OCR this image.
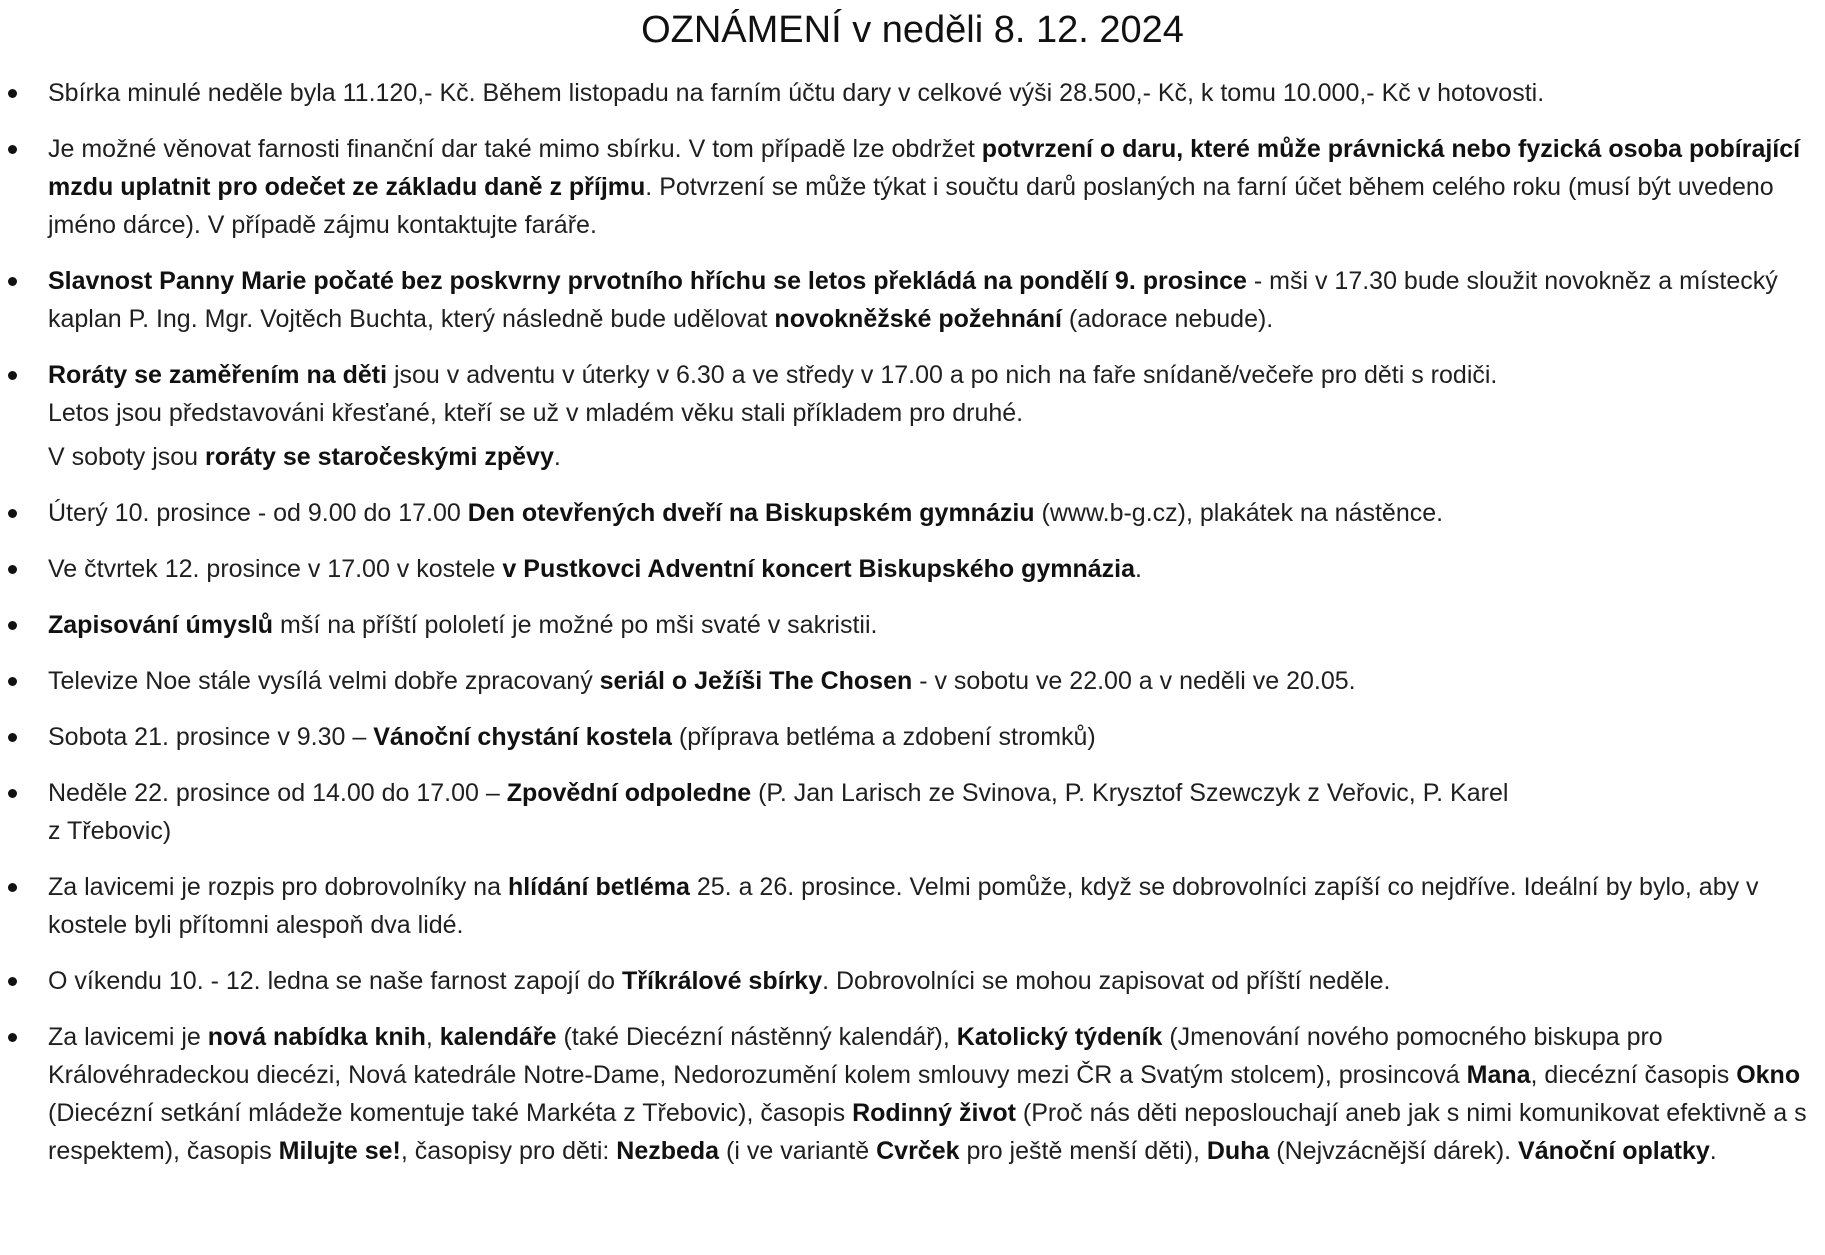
OZNÁMENÍ v neděli 8. 12. 2024
Sbírka minulé neděle byla 11.120,- Kč. Během listopadu na farním účtu dary v celkové výši 28.500,- Kč, k tomu 10.000,- Kč v hotovosti.
Je možné věnovat farnosti finanční dar také mimo sbírku. V tom případě lze obdržet potvrzení o daru, které může právnická nebo fyzická osoba pobírající mzdu uplatnit pro odečet ze základu daně z příjmu. Potvrzení se může týkat i součtu darů poslaných na farní účet během celého roku (musí být uvedeno jméno dárce). V případě zájmu kontaktujte faráře.
Slavnost Panny Marie počaté bez poskvrny prvotního hříchu se letos překládá na pondělí 9. prosince - mši v 17.30 bude sloužit novokněz a místecký kaplan P. Ing. Mgr. Vojtěch Buchta, který následně bude udělovat novokněžské požehnání (adorace nebude).
Roráty se zaměřením na děti jsou v adventu v úterky v 6.30 a ve středy v 17.00 a po nich na faře snídaně/večeře pro děti s rodiči.
Letos jsou představováni křesťané, kteří se už v mladém věku stali příkladem pro druhé.
V soboty jsou roráty se staročeskými zpěvy.
Úterý 10. prosince - od 9.00 do 17.00 Den otevřených dveří na Biskupském gymnáziu (www.b-g.cz), plakátek na nástěnce.
Ve čtvrtek 12. prosince v 17.00 v kostele v Pustkovci Adventní koncert Biskupského gymnázia.
Zapisování úmyslů mší na příští pololetí je možné po mši svaté v sakristii.
Televize Noe stále vysílá velmi dobře zpracovaný seriál o Ježíši The Chosen - v sobotu ve 22.00 a v neděli ve 20.05.
Sobota 21. prosince v 9.30 – Vánoční chystání kostela (příprava betléma a zdobení stromků)
Neděle 22. prosince od 14.00 do 17.00 – Zpovědní odpoledne (P. Jan Larisch ze Svinova, P. Krysztof Szewczyk z Veřovic, P. Karel
z Třebovic)
Za lavicemi je rozpis pro dobrovolníky na hlídání betléma 25. a 26. prosince. Velmi pomůže, když se dobrovolníci zapíší co nejdříve. Ideální by bylo, aby v kostele byli přítomni alespoň dva lidé.
O víkendu 10. - 12. ledna se naše farnost zapojí do Tříkrálové sbírky. Dobrovolníci se mohou zapisovat od příští neděle.
Za lavicemi je nová nabídka knih, kalendáře (také Diecézní nástěnný kalendář), Katolický týdeník (Jmenování nového pomocného biskupa pro Královéhradeckou diecézi, Nová katedrále Notre-Dame, Nedorozumění kolem smlouvy mezi ČR a Svatým stolcem), prosincová Mana, diecézní časopis Okno (Diecézní setkání mládeže komentuje také Markéta z Třebovic), časopis Rodinný život (Proč nás děti neposlouchají aneb jak s nimi komunikovat efektivně a s respektem), časopis Milujte se!, časopisy pro děti: Nezbeda (i ve variantě Cvrček pro ještě menší děti), Duha (Nejvzácnější dárek). Vánoční oplatky.
